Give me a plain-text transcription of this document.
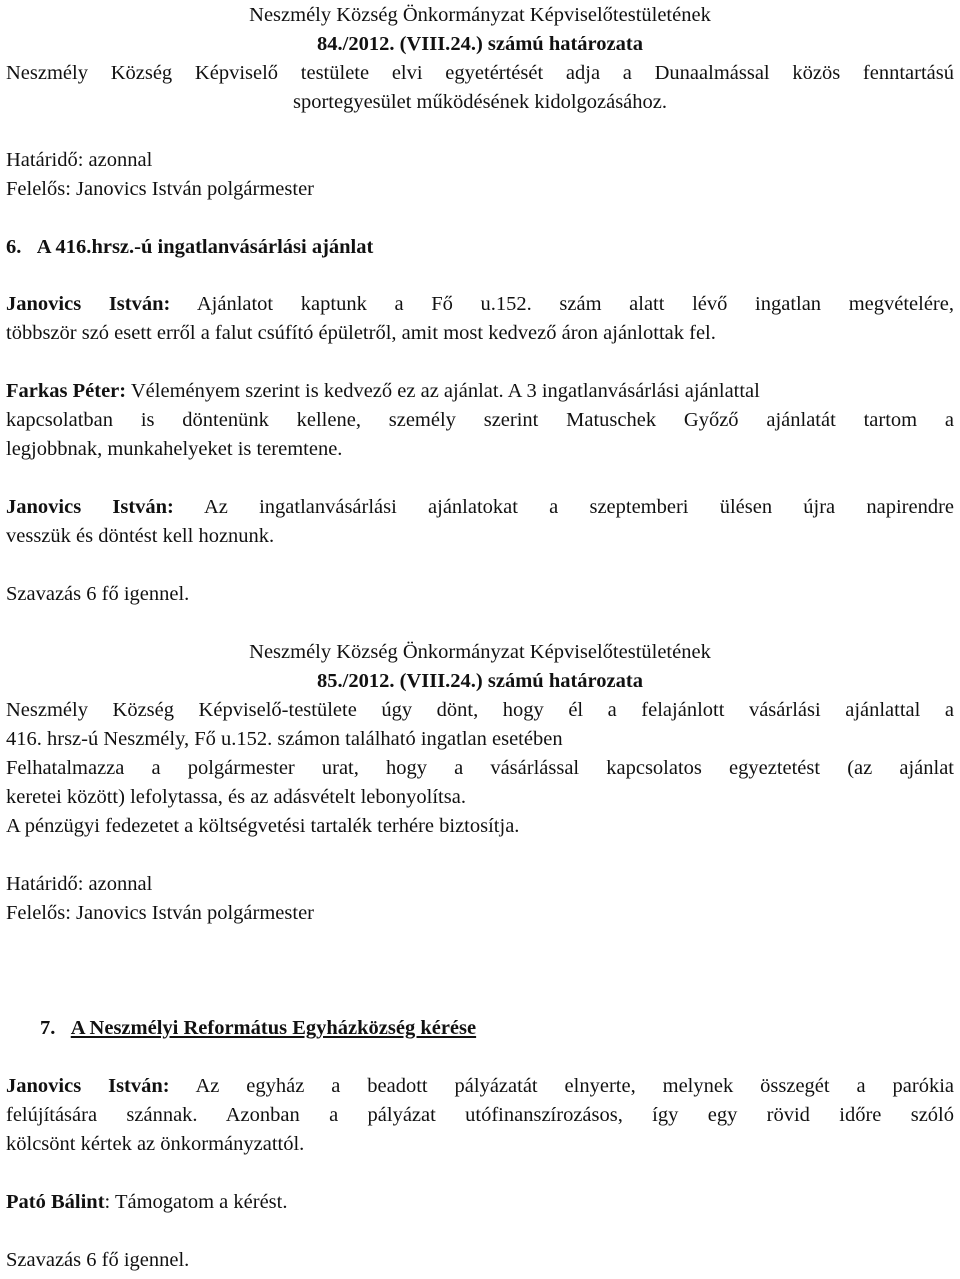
Neszmély Község Önkormányzat Képviselőtestületének
84./2012. (VIII.24.) számú határozata
Neszmély Község Képviselő testülete elvi egyetértését adja a Dunaalmással közös fenntartású
sportegyesület működésének kidolgozásához.
Határidő: azonnal
Felelős: Janovics István polgármester
6. A 416.hrsz.-ú ingatlanvásárlási ajánlat
Janovics István: Ajánlatot kaptunk a Fő u.152. szám alatt lévő ingatlan megvételére,
többször szó esett erről a falut csúfító épületről, amit most kedvező áron ajánlottak fel.
Farkas Péter: Véleményem szerint is kedvező ez az ajánlat. A 3 ingatlanvásárlási ajánlattal
kapcsolatban is döntenünk kellene, személy szerint Matuschek Győző ajánlatát tartom a
legjobbnak, munkahelyeket is teremtene.
Janovics István: Az ingatlanvásárlási ajánlatokat a szeptemberi ülésen újra napirendre
vesszük és döntést kell hoznunk.
Szavazás 6 fő igennel.
Neszmély Község Önkormányzat Képviselőtestületének
85./2012. (VIII.24.) számú határozata
Neszmély Község Képviselő-testülete úgy dönt, hogy él a felajánlott vásárlási ajánlattal a
416. hrsz-ú Neszmély, Fő u.152. számon található ingatlan esetében
Felhatalmazza a polgármester urat, hogy a vásárlással kapcsolatos egyeztetést (az ajánlat
keretei között) lefolytassa, és az adásvételt lebonyolítsa.
A pénzügyi fedezetet a költségvetési tartalék terhére biztosítja.
Határidő: azonnal
Felelős: Janovics István polgármester
7. A Neszmélyi Református Egyházközség kérése
Janovics István: Az egyház a beadott pályázatát elnyerte, melynek összegét a parókia
felújítására szánnak. Azonban a pályázat utófinanszírozásos, így egy rövid időre szóló
kölcsönt kértek az önkormányzattól.
Pató Bálint: Támogatom a kérést.
Szavazás 6 fő igennel.
